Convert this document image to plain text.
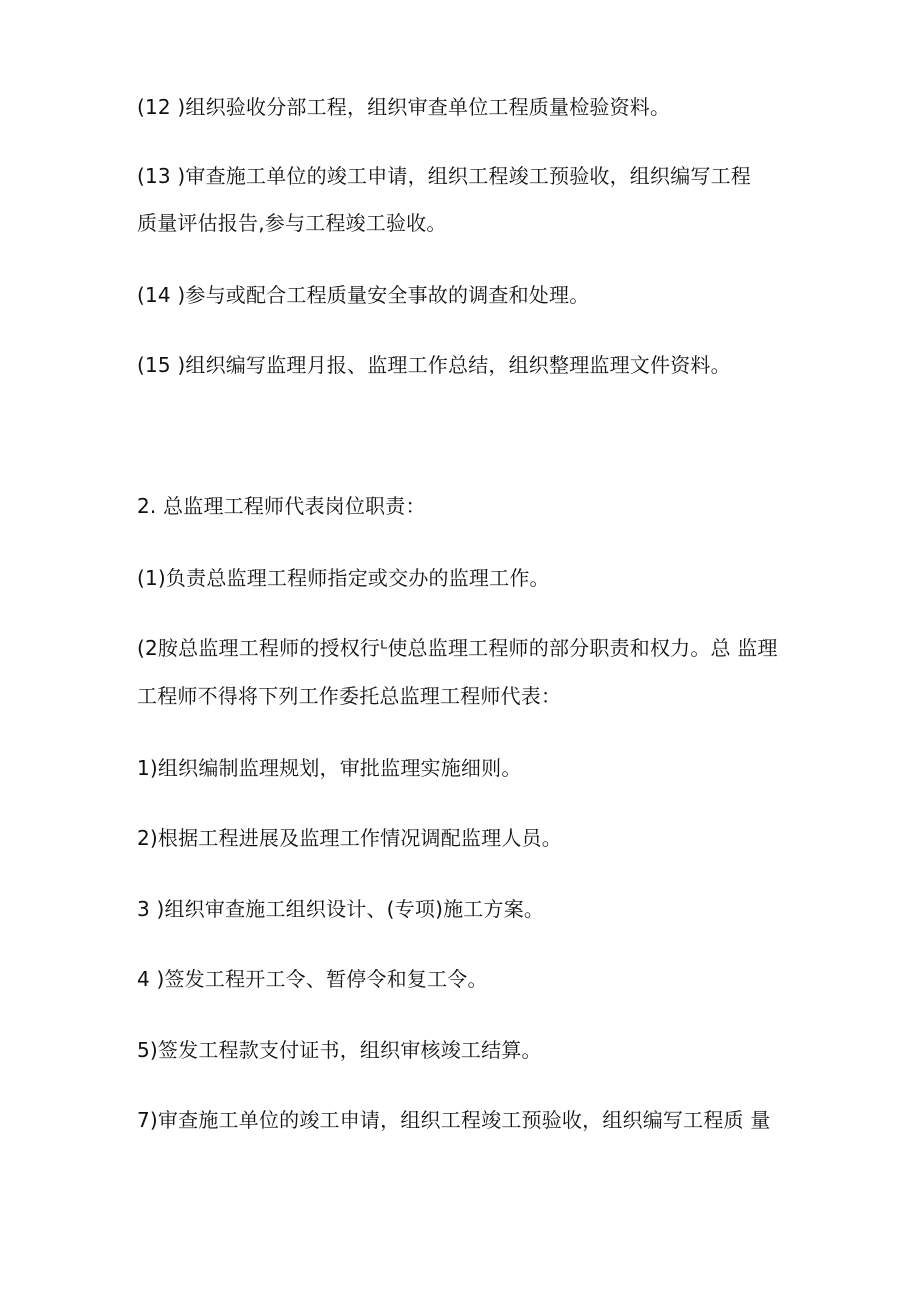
(12 )组织验收分部工程，组织审查单位工程质量检验资料。

(13 )审查施工单位的竣工申请，组织工程竣工预验收，组织编写工程

质量评估报告,参与工程竣工验收。

(14 )参与或配合工程质量安全事故的调查和处理。

(15 )组织编写监理月报、监理工作总结，组织整理监理文件资料。

2. 总监理工程师代表岗位职责：

(1)负责总监理工程师指定或交办的监理工作。

(2胺总监理工程师的授权行ᴸ使总监理工程师的部分职责和权力。总 监理

工程师不得将下列工作委托总监理工程师代表：

1)组织编制监理规划，审批监理实施细则。

2)根据工程进展及监理工作情况调配监理人员。

3 )组织审查施工组织设计、(专项)施工方案。

4 )签发工程开工令、暂停令和复工令。

5)签发工程款支付证书，组织审核竣工结算。

7)审查施工单位的竣工申请，组织工程竣工预验收，组织编写工程质 量
